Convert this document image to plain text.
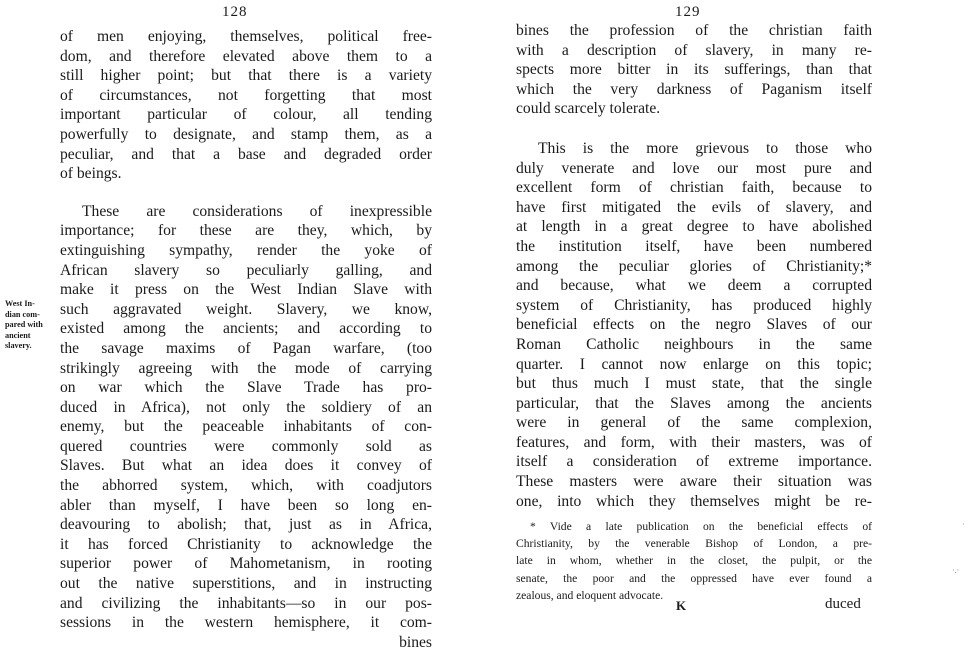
128
West In-
dian com-
pared with
ancient
slavery.
of men enjoying, themselves, political free-
dom, and therefore elevated above them to a
still higher point; but that there is a variety
of circumstances, not forgetting that most
important particular of colour, all tending
powerfully to designate, and stamp them, as a
peculiar, and that a base and degraded order
of beings.
These are considerations of inexpressible
importance; for these are they, which, by
extinguishing sympathy, render the yoke of
African slavery so peculiarly galling, and
make it press on the West Indian Slave with
such aggravated weight. Slavery, we know,
existed among the ancients; and according to
the savage maxims of Pagan warfare, (too
strikingly agreeing with the mode of carrying
on war which the Slave Trade has pro-
duced in Africa), not only the soldiery of an
enemy, but the peaceable inhabitants of con-
quered countries were commonly sold as
Slaves. But what an idea does it convey of
the abhorred system, which, with coadjutors
abler than myself, I have been so long en-
deavouring to abolish; that, just as in Africa,
it has forced Christianity to acknowledge the
superior power of Mahometanism, in rooting
out the native superstitions, and in instructing
and civilizing the inhabitants—so in our pos-
sessions in the western hemisphere, it com-
bines
129
bines the profession of the christian faith
with a description of slavery, in many re-
spects more bitter in its sufferings, than that
which the very darkness of Paganism itself
could scarcely tolerate.
This is the more grievous to those who
duly venerate and love our most pure and
excellent form of christian faith, because to
have first mitigated the evils of slavery, and
at length in a great degree to have abolished
the institution itself, have been numbered
among the peculiar glories of Christianity;*
and because, what we deem a corrupted
system of Christianity, has produced highly
beneficial effects on the negro Slaves of our
Roman Catholic neighbours in the same
quarter. I cannot now enlarge on this topic;
but thus much I must state, that the single
particular, that the Slaves among the ancients
were in general of the same complexion,
features, and form, with their masters, was of
itself a consideration of extreme importance.
These masters were aware their situation was
one, into which they themselves might be re-
* Vide a late publication on the beneficial effects of
Christianity, by the venerable Bishop of London, a pre-
late in whom, whether in the closet, the pulpit, or the
senate, the poor and the oppressed have ever found a
zealous, and eloquent advocate.
K	duced
·
·.·
